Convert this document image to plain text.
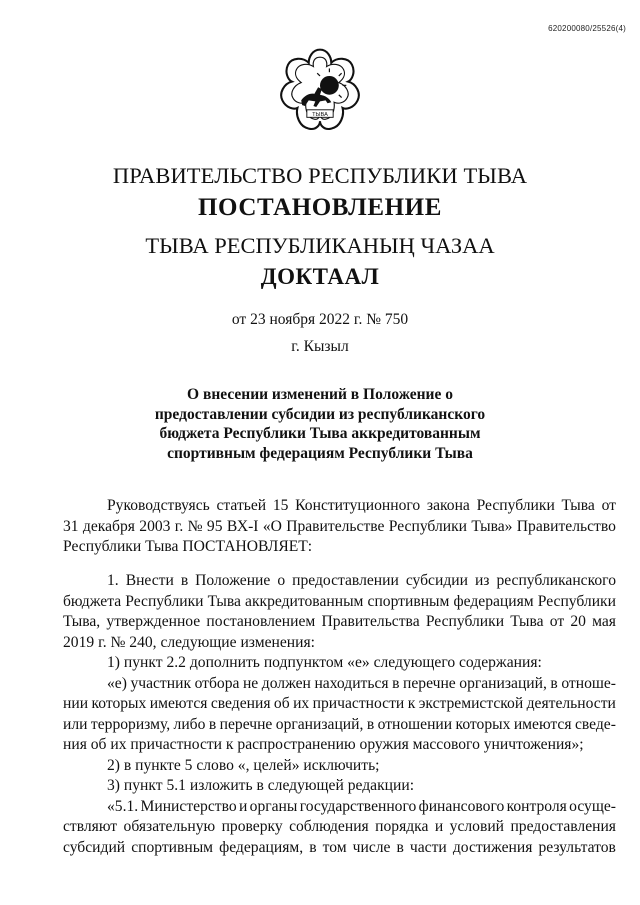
620200080/25526(4)
ТЫВА
ПРАВИТЕЛЬСТВО РЕСПУБЛИКИ ТЫВА
ПОСТАНОВЛЕНИЕ
ТЫВА РЕСПУБЛИКАНЫҢ ЧАЗАА
ДОКТААЛ
от 23 ноября 2022 г. № 750
г. Кызыл
О внесении изменений в Положение о
предоставлении субсидии из республиканского
бюджета Республики Тыва аккредитованным
спортивным федерациям Республики Тыва
Руководствуясь статьей 15 Конституционного закона Республики Тыва от
31 декабря 2003 г. № 95 ВХ-I «О Правительстве Республики Тыва» Правительство
Республики Тыва ПОСТАНОВЛЯЕТ:
1. Внести в Положение о предоставлении субсидии из республиканского
бюджета Республики Тыва аккредитованным спортивным федерациям Республики
Тыва, утвержденное постановлением Правительства Республики Тыва от 20 мая
2019 г. № 240, следующие изменения:
1) пункт 2.2 дополнить подпунктом «е» следующего содержания:
«е) участник отбора не должен находиться в перечне организаций, в отноше-
нии которых имеются сведения об их причастности к экстремистской деятельности
или терроризму, либо в перечне организаций, в отношении которых имеются сведе-
ния об их причастности к распространению оружия массового уничтожения»;
2) в пункте 5 слово «, целей» исключить;
3) пункт 5.1 изложить в следующей редакции:
«5.1. Министерство и органы государственного финансового контроля осуще-
ствляют обязательную проверку соблюдения порядка и условий предоставления
субсидий спортивным федерациям, в том числе в части достижения результатов
